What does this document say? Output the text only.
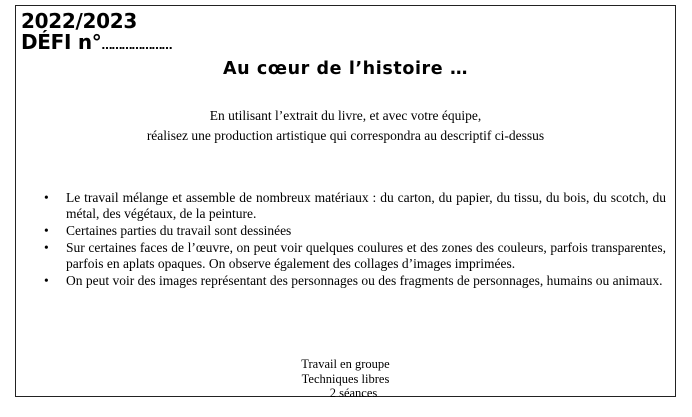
2022/2023
DÉFI n°…………………
Au cœur de l’histoire …
En utilisant l’extrait du livre, et avec votre équipe,
réalisez une production artistique qui correspondra au descriptif ci-dessus
• Le travail mélange et assemble de nombreux matériaux : du carton, du papier, du tissu, du bois, du scotch, du métal, des végétaux, de la peinture.
• Certaines parties du travail sont dessinées
• Sur certaines faces de l’œuvre, on peut voir quelques coulures et des zones des couleurs, parfois transparentes, parfois en aplats opaques. On observe également des collages d’images imprimées.
• On peut voir des images représentant des personnages ou des fragments de personnages, humains ou animaux.
Travail en groupe
Techniques libres
2 séances
